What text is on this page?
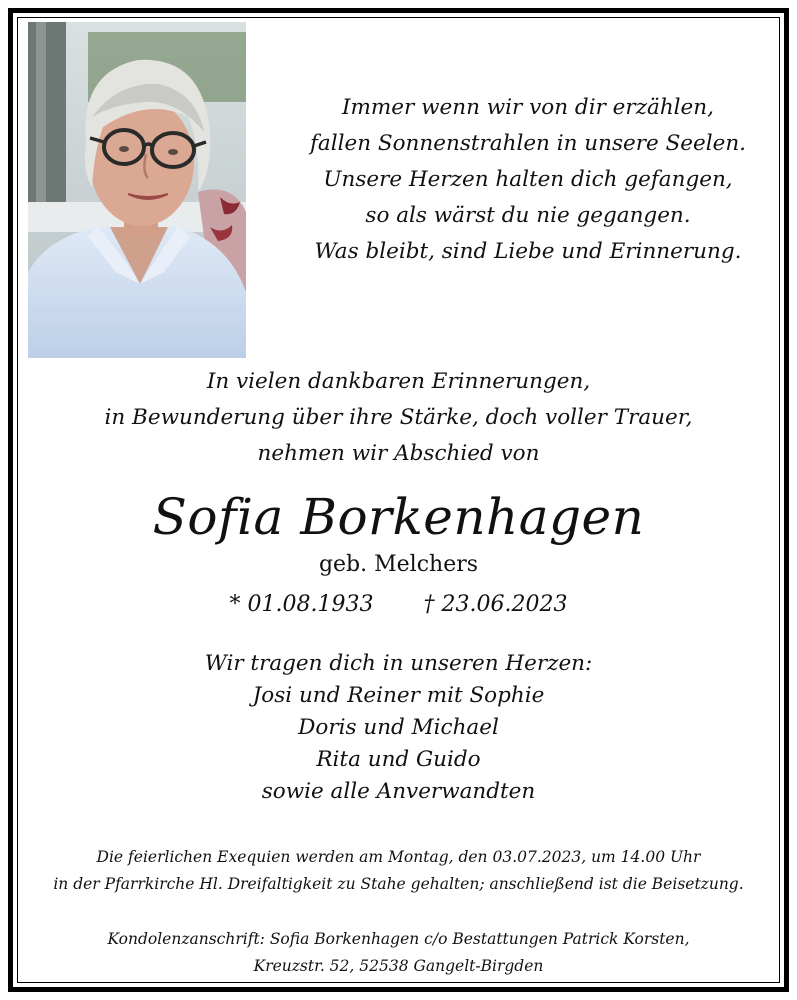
Immer wenn wir von dir erzählen,
fallen Sonnenstrahlen in unsere Seelen.
Unsere Herzen halten dich gefangen,
so als wärst du nie gegangen.
Was bleibt, sind Liebe und Erinnerung.
In vielen dankbaren Erinnerungen,
in Bewunderung über ihre Stärke, doch voller Trauer,
nehmen wir Abschied von
Sofia Borkenhagen
geb. Melchers
* 01.08.1933 † 23.06.2023
Wir tragen dich in unseren Herzen:
Josi und Reiner mit Sophie
Doris und Michael
Rita und Guido
sowie alle Anverwandten
Die feierlichen Exequien werden am Montag, den 03.07.2023, um 14.00 Uhr
in der Pfarrkirche Hl. Dreifaltigkeit zu Stahe gehalten; anschließend ist die Beisetzung.
Kondolenzanschrift: Sofia Borkenhagen c/o Bestattungen Patrick Korsten,
Kreuzstr. 52, 52538 Gangelt-Birgden
